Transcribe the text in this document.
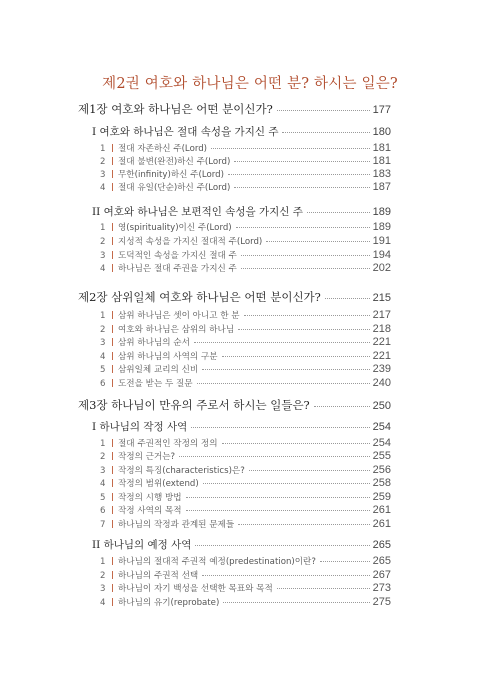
제2권 여호와 하나님은 어떤 분? 하시는 일은?
제1장 여호와 하나님은 어떤 분이신가?	177
I 여호와 하나님은 절대 속성을 가지신 주	180
1 절대 자존하신 주(Lord)	181
2 절대 불변(완전)하신 주(Lord)	181
3 무한(infinity)하신 주(Lord)	183
4 절대 유일(단순)하신 주(Lord)	187
II 여호와 하나님은 보편적인 속성을 가지신 주	189
1 영(spirituality)이신 주(Lord)	189
2 지성적 속성을 가지신 절대적 주(Lord)	191
3 도덕적인 속성을 가지신 절대 주	194
4 하나님은 절대 주권을 가지신 주	202
제2장 삼위일체 여호와 하나님은 어떤 분이신가?	215
1 삼위 하나님은 셋이 아니고 한 분	217
2 여호와 하나님은 삼위의 하나님	218
3 삼위 하나님의 순서	221
4 삼위 하나님의 사역의 구분	221
5 삼위일체 교리의 신비	239
6 도전을 받는 두 질문	240
제3장 하나님이 만유의 주로서 하시는 일들은?	250
I 하나님의 작정 사역	254
1 절대 주권적인 작정의 정의	254
2 작정의 근거는?	255
3 작정의 특징(characteristics)은?	256
4 작정의 범위(extend)	258
5 작정의 시행 방법	259
6 작정 사역의 목적	261
7 하나님의 작정과 관계된 문제들	261
II 하나님의 예정 사역	265
1 하나님의 절대적 주권적 예정(predestination)이란?	265
2 하나님의 주권적 선택	267
3 하나님이 자기 백성을 선택한 목표와 목적	273
4 하나님의 유기(reprobate)	275
